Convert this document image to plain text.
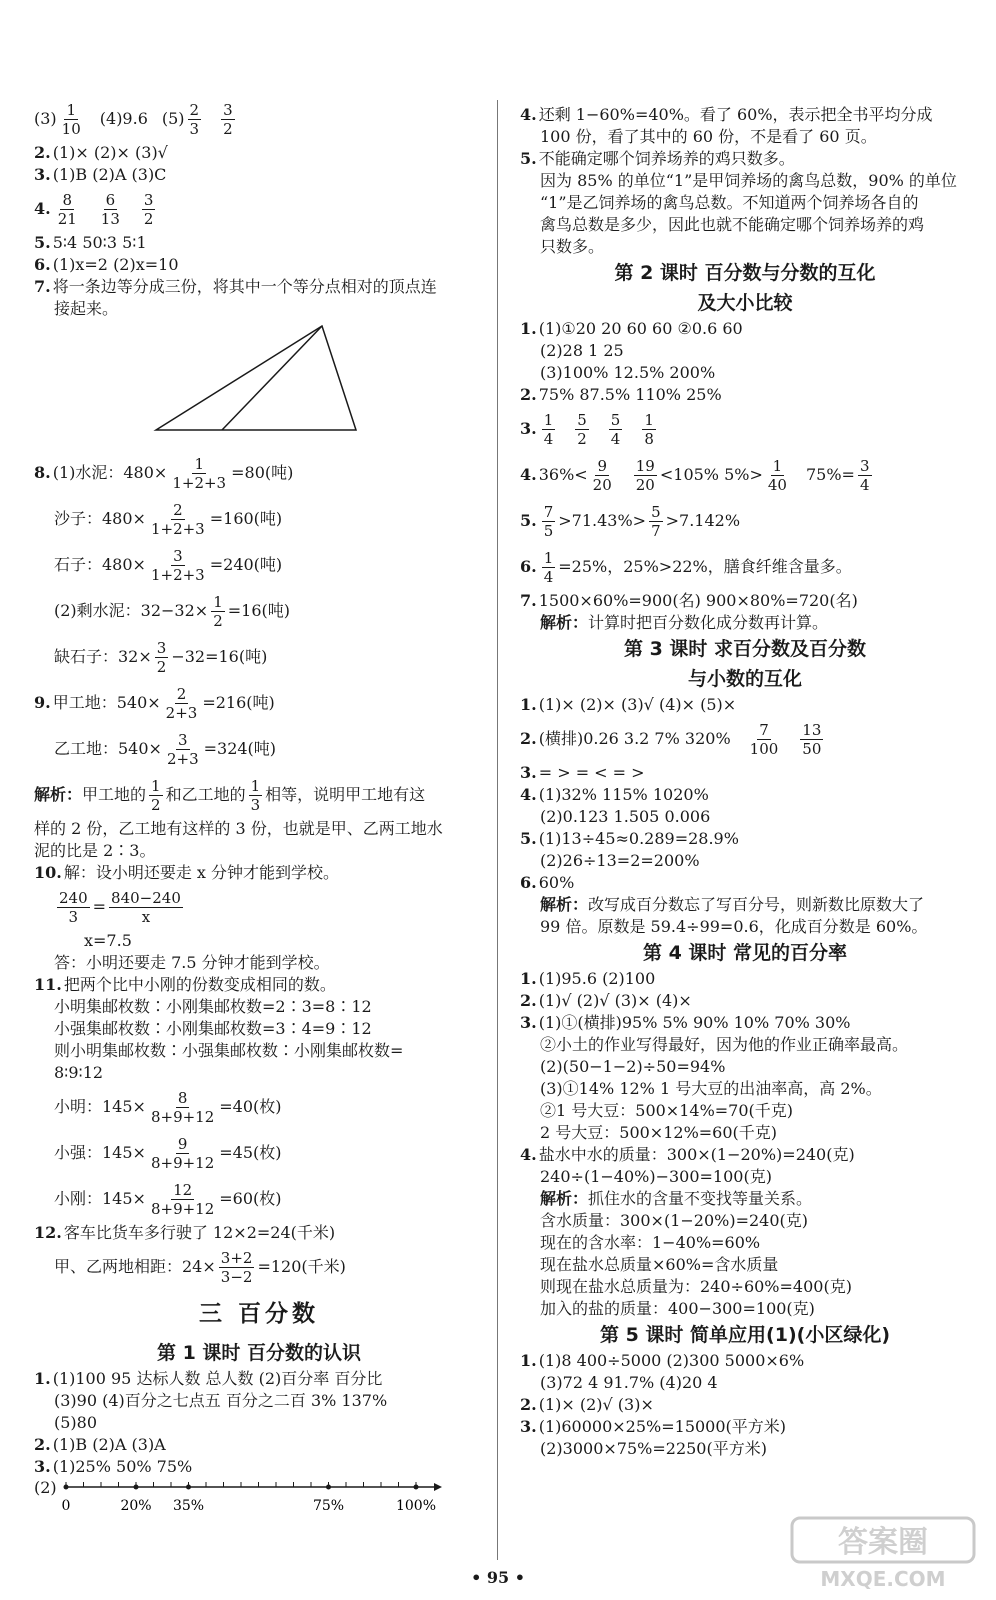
$(3) \frac{1}{10} (4)9.6$ $(5) \frac{2}{3} \frac{3}{2}$
2. (1)× (2)× (3)√
3. (1)B (2)A (3)C
4. $\frac{8}{21} \frac{6}{13} \frac{3}{2}$
5. 5∶4 50∶3 5∶1
6. (1)x=2 (2)x=10
7. 将一条边等分成三份，将其中一个等分点相对的顶点连
接起来。
8. (1)水泥：$480\times \frac{1}{1+2+3} =80$(吨)
沙子：$480\times \frac{2}{1+2+3} =160$(吨)
石子：$480\times \frac{3}{1+2+3} =240$(吨)
(2)剩水泥：$32-32\times \frac{1}{2} =16$(吨)
缺石子：$32\times \frac{3}{2} -32=16$(吨)
9. 甲工地：$540\times \frac{2}{2+3} =216$(吨)
乙工地：$540\times \frac{3}{2+3} =324$(吨)
解析： 甲工地的 $\frac{1}{2}$ 和乙工地的 $\frac{1}{3}$ 相等，说明甲工地有这
样的 2 份，乙工地有这样的 3 份，也就是甲、乙两工地水
泥的比是 2∶3。
10. 解：设小明还要走 x 分钟才能到学校。
$\frac{240}{3} = \frac{840-240}{x}$
x=7.5
答：小明还要走 7.5 分钟才能到学校。
11. 把两个比中小刚的份数变成相同的数。
小明集邮枚数∶小刚集邮枚数=2∶3=8∶12
小强集邮枚数∶小刚集邮枚数=3∶4=9∶12
则小明集邮枚数∶小强集邮枚数∶小刚集邮枚数=
8∶9∶12
小明：$145\times \frac{8}{8+9+12} =40$(枚)
小强：$145\times \frac{9}{8+9+12} =45$(枚)
小刚：$145\times \frac{12}{8+9+12} =60$(枚)
12. 客车比货车多行驶了 12×2=24(千米)
甲、乙两地相距：$24\times \frac{3+2}{3-2} =120$(千米)
三 百分数
第 1 课时 百分数的认识
1. (1)100 95 达标人数 总人数 (2)百分率 百分比
(3)90 (4)百分之七点五 百分之二百 3% 137%
(5)80
2. (1)B (2)A (3)A
3. (1)25% 50% 75%
(2)
0	20% 35%	75%	100%
4. 还剩 1−60%=40%。看了 60%，表示把全书平均分成
100 份，看了其中的 60 份，不是看了 60 页。
5. 不能确定哪个饲养场养的鸡只数多。
因为 85% 的单位“1”是甲饲养场的禽鸟总数，90% 的单位
“1”是乙饲养场的禽鸟总数。不知道两个饲养场各自的
禽鸟总数是多少，因此也就不能确定哪个饲养场养的鸡
只数多。
第 2 课时 百分数与分数的互化
及大小比较
1. (1)①20 20 60 60 ②0.6 60
(2)28 1 25
(3)100% 12.5% 200%
2. 75% 87.5% 110% 25%
3. $\frac{1}{4} \frac{5}{2} \frac{5}{4} \frac{1}{8}$
4. $36\%< \frac{9}{20} \frac{19}{20} <105\%$ $5\%> \frac{1}{40} 75\%= \frac{3}{4}$
5. $\frac{7}{5} >71.43\%> \frac{5}{7} >7.142\%$
6. $\frac{1}{4} =25\%$，25%>22%，膳食纤维含量多。
7. 1500×60%=900(名) 900×80%=720(名)
解析： 计算时把百分数化成分数再计算。
第 3 课时 求百分数及百分数
与小数的互化
1. (1)× (2)× (3)√ (4)× (5)×
2. (横排)0.26 3.2 7% $320\% \frac{7}{100} \frac{13}{50}$
3. = > = < = >
4. (1)32% 115% 1020%
(2)0.123 1.505 0.006
5. (1)13÷45≈0.289=28.9%
(2)26÷13=2=200%
6. 60%
解析： 改写成百分数忘了写百分号，则新数比原数大了
99 倍。原数是 59.4÷99=0.6，化成百分数是 60%。
第 4 课时 常见的百分率
1. (1)95.6 (2)100
2. (1)√ (2)√ (3)× (4)×
3. (1)①(横排)95% 5% 90% 10% 70% 30%
②小土的作业写得最好，因为他的作业正确率最高。
(2)(50−1−2)÷50=94%
(3)①14% 12% 1 号大豆的出油率高，高 2%。
②1 号大豆：500×14%=70(千克)
2 号大豆：500×12%=60(千克)
4. 盐水中水的质量：300×(1−20%)=240(克)
240÷(1−40%)−300=100(克)
解析： 抓住水的含量不变找等量关系。
含水质量：300×(1−20%)=240(克)
现在的含水率：1−40%=60%
现在盐水总质量×60%=含水质量
则现在盐水总质量为：240÷60%=400(克)
加入的盐的质量：400−300=100(克)
第 5 课时 简单应用(1)(小区绿化)
1. (1)8 400÷5000 (2)300 5000×6%
(3)72 4 91.7% (4)20 4
2. (1)× (2)√ (3)×
3. (1)60000×25%=15000(平方米)
(2)3000×75%=2250(平方米)
• 95 •
答案圈
MXQE.COM
